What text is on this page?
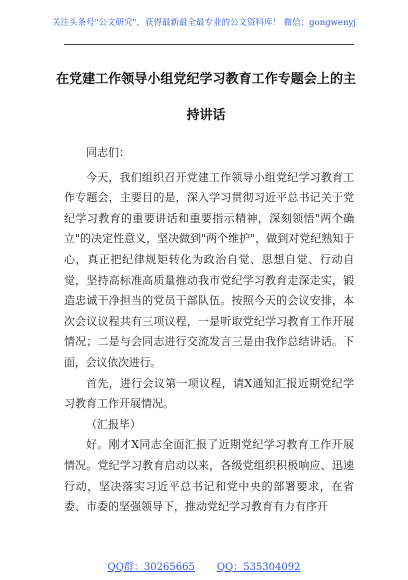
关注头条号"公文研究"，获得最新最全最专业的公文资料库！ 微信：gongwenyj
在党建工作领导小组党纪学习教育工作专题会上的主持讲话

同志们：

今天，我们组织召开党建工作领导小组党纪学习教育工作专题会，主要目的是，深入学习贯彻习近平总书记关于党纪学习教育的重要讲话和重要指示精神，深刻领悟"两个确立"的决定性意义，坚决做到"两个维护"，做到对党纪熟知于心，真正把纪律规矩转化为政治自觉、思想自觉、行动自觉，坚持高标准高质量推动我市党纪学习教育走深走实，锻造忠诚干净担当的党员干部队伍。按照今天的会议安排，本次会议议程共有三项议程，一是听取党纪学习教育工作开展情况；二是与会同志进行交流发言三是由我作总结讲话。下面，会议依次进行。

首先，进行会议第一项议程，请X通知汇报近期党纪学习教育工作开展情况。

（汇报毕）

好。刚才X同志全面汇报了近期党纪学习教育工作开展情况。党纪学习教育启动以来，各级党组织积极响应、迅速行动，坚决落实习近平总书记和党中央的部署要求，在省委、市委的坚强领导下，推动党纪学习教育有力有序开

QQ群：30265665 QQ：535304092
